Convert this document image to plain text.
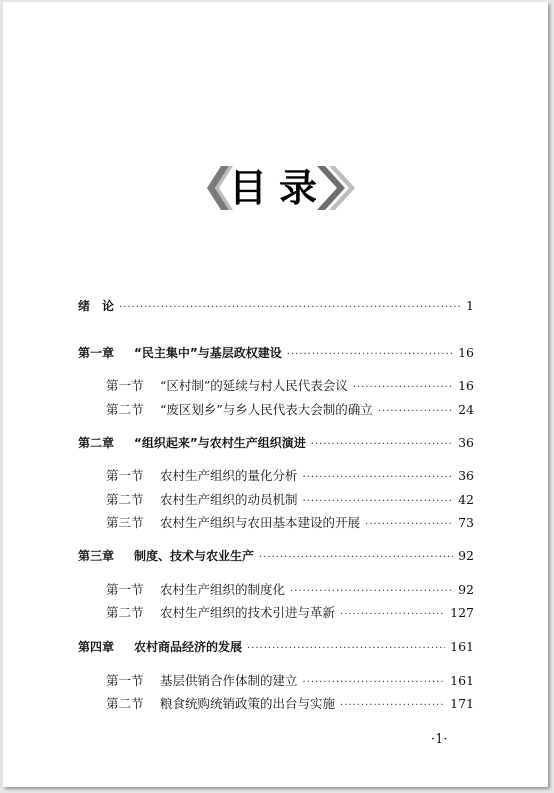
目录
绪　论 ·····	1
第一章 “民主集中”与基层政权建设 ·····	16
第一节 “区村制”的延续与村人民代表会议 ·····	16
第二节 “废区划乡”与乡人民代表大会制的确立 ·····	24
第二章 “组织起来”与农村生产组织演进 ·····	36
第一节 农村生产组织的量化分析 ·····	36
第二节 农村生产组织的动员机制 ·····	42
第三节 农村生产组织与农田基本建设的开展 ·····	73
第三章 制度、技术与农业生产 ·····	92
第一节 农村生产组织的制度化 ·····	92
第二节 农村生产组织的技术引进与革新 ·····	127
第四章 农村商品经济的发展 ·····	161
第一节 基层供销合作体制的建立 ·····	161
第二节 粮食统购统销政策的出台与实施 ·····	171
·1·
